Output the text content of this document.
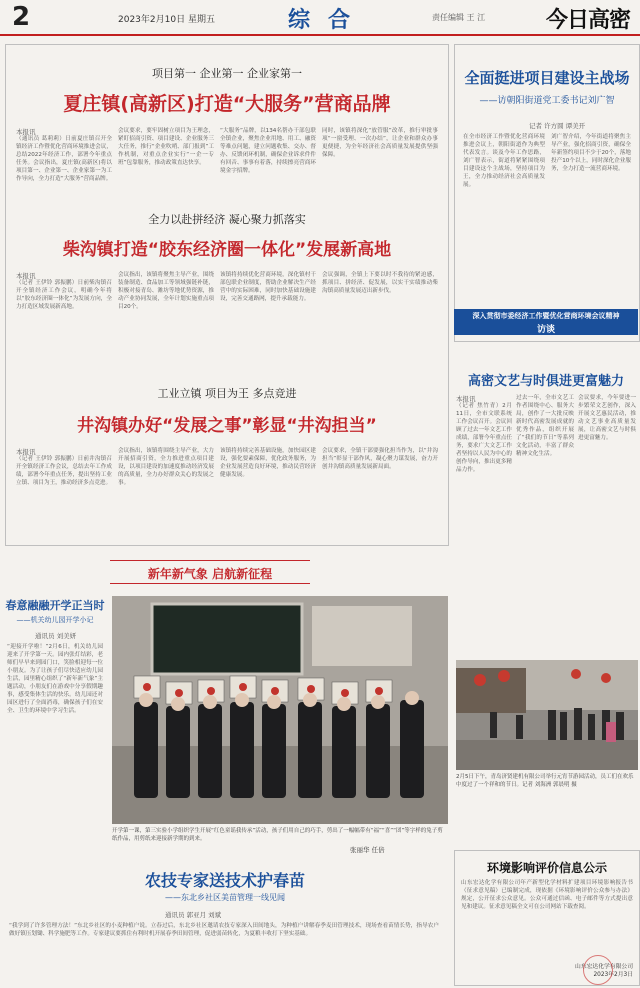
2	2023年2月10日 星期五	综合	责任编辑 王 江	今日高密
项目第一 企业第一 企业家第一
夏庄镇(高新区)打造“大服务”营商品牌
本报讯
（通讯员 葛莉莉）日前夏庄镇召开全镇经济工作暨优化营商环境推进会议，总结2022年经济工作，部署今年重点任务。会议指出，夏庄镇(高新区)将以项目第一、企业第一、企业家第一为工作导向，全力打造“大服务”营商品牌。
会议要求，要牢固树立项目为王理念，紧盯招商引资、项目建设、企业服务三大任务，推行“企业吹哨、部门报到”工作机制，对重点企业实行“一企一专班”包靠服务，推动政策直达快享。
“大服务”品牌，以134名帮办干部包联全镇企业，聚焦企业用地、用工、融资等难点问题，建立问题收集、交办、督办、反馈闭环机制，确保企业诉求件件有回音、事事有着落，持续擦亮营商环境金字招牌。
同时，该镇将深化“放管服”改革，推行审批事项“一窗受理、一次办结”，让企业和群众办事更便捷，为全年经济社会高质量发展提供坚强保障。
全力以赴拼经济 凝心聚力抓落实
柴沟镇打造“胶东经济圈一体化”发展新高地
本报讯
（记者 王伊铃 郭振鹏）日前柴沟镇召开全镇经济工作会议，明确今年将以“胶东经济圈一体化”为发展方向，全力打造区域发展新高地。
会议指出，该镇将聚焦主导产业，围绕装备制造、食品加工等领域强链补链，积极对接青岛、潍坊等地优势资源，推动产业协同发展，全年计划实施重点项目20个。
该镇将持续优化营商环境，深化镇村干部包联企业制度，帮助企业解决生产经营中的实际困难，同时加快基础设施建设，完善交通路网，提升承载能力。
会议强调，全镇上下要以时不我待的紧迫感，抓项目、拼经济、促发展，以实干实绩推动柴沟镇高质量发展迈出新步伐。
工业立镇 项目为王 多点竞进
井沟镇办好“发展之事”彰显“井沟担当”
本报讯
（记者 王伊铃 郭振鹏）日前井沟镇召开全镇经济工作会议，总结去年工作成绩，部署今年重点任务，提出坚持工业立镇、项目为王，推动经济多点竞进。
会议指出，该镇将围绕主导产业，大力开展招商引资，全力推进重点项目建设，以项目建设的加速度推动经济发展的高质量，全力办好群众关心的发展之事。
该镇将持续完善基础设施，加快园区建设，强化要素保障，优化政务服务，为企业发展营造良好环境，推动民营经济健康发展。
会议要求，全镇干部要强化担当作为，以“井沟担当”彰显干部作风，凝心聚力谋发展，奋力开创井沟镇高质量发展新局面。
全面挺进项目建设主战场
——访朝阳街道党工委书记刘广智
记者 许方圆 谭美开
在全市经济工作暨优化营商环境推进会议上，朝阳街道作为典型代表发言。谈及今年工作思路，刘广智表示，街道将紧紧围绕项目建设这个主战场，坚持项目为王，全力推动经济社会高质量发展。
刘广智介绍，今年街道将聚焦主导产业，强化招商引资，确保全年新签约项目不少于20个，落地投产10个以上，同时深化企业服务，全力打造一流营商环境。
深入贯彻市委经济工作暨优化营商环境会议精神
访谈
高密文艺与时俱进更富魅力
本报讯
（记者 焦竹青）2月11日，全市文联系统工作会议召开。会议回顾了过去一年文艺工作成绩，部署今年重点任务，要求广大文艺工作者坚持以人民为中心的创作导向，推出更多精品力作。
过去一年，全市文艺工作者围绕中心、服务大局，创作了一大批反映新时代高密发展成就的优秀作品，组织开展了“我们的节日”等系列文化活动，丰富了群众精神文化生活。
会议要求，今年要进一步繁荣文艺创作，深入开展文艺惠民活动，推动文艺事业高质量发展，让高密文艺与时俱进更富魅力。
2月5日下午，青岛济贤建机有限公司举行元宵节游园活动，员工们在欢乐中度过了一个祥和的节日。记者 刘海洲 郭晨明 摄
新年新气象 启航新征程
春意融融开学正当时
——机关幼儿园开学小记
通讯员 刘美妍
“迎接开学啦！”2月6日，机关幼儿园迎来了开学第一天。园内张灯结彩，老师们早早来到园门口，笑脸相迎每一位小朋友。为了让孩子们尽快适应幼儿园生活，园里精心组织了“新年新气象”主题活动，小朋友们在游戏中分享假期趣事，感受集体生活的快乐。幼儿园还对园区进行了全面消毒，确保孩子们在安全、卫生的环境中学习生活。
开学第一课，第三实验小学组织学生开展“红色童谣我传承”活动，孩子们用自己的巧手，剪出了一幅幅带有“福”“喜”“团”等字样的兔子剪纸作品，用剪纸来迎接新学期的到来。
张丽华 任倍
农技专家送技术护春苗
——东北乡社区美苗管理一线见闻
通讯员 郭亚月 刘斌
“我学到了许多管理方法！”东北乡社区的小麦种植户说。立春过后，东北乡社区邀请农技专家深入田间地头，为种植户讲解春季麦田管理技术，现场查看苗情长势，指导农户做好镇压划锄、科学施肥等工作。专家建议要抓住有利时机开展春季田间管理，促进弱苗转化，为夏粮丰收打下坚实基础。
环境影响评价信息公示
山东宏达化学有限公司年产新型化学材料扩建项目环境影响报告书（征求意见稿）已编制完成，现依据《环境影响评价公众参与办法》规定，公开征求公众意见。公众可通过信函、电子邮件等方式提出意见和建议。征求意见稿全文可在公司网站下载查阅。
山东宏达化学有限公司
2023年2月3日
